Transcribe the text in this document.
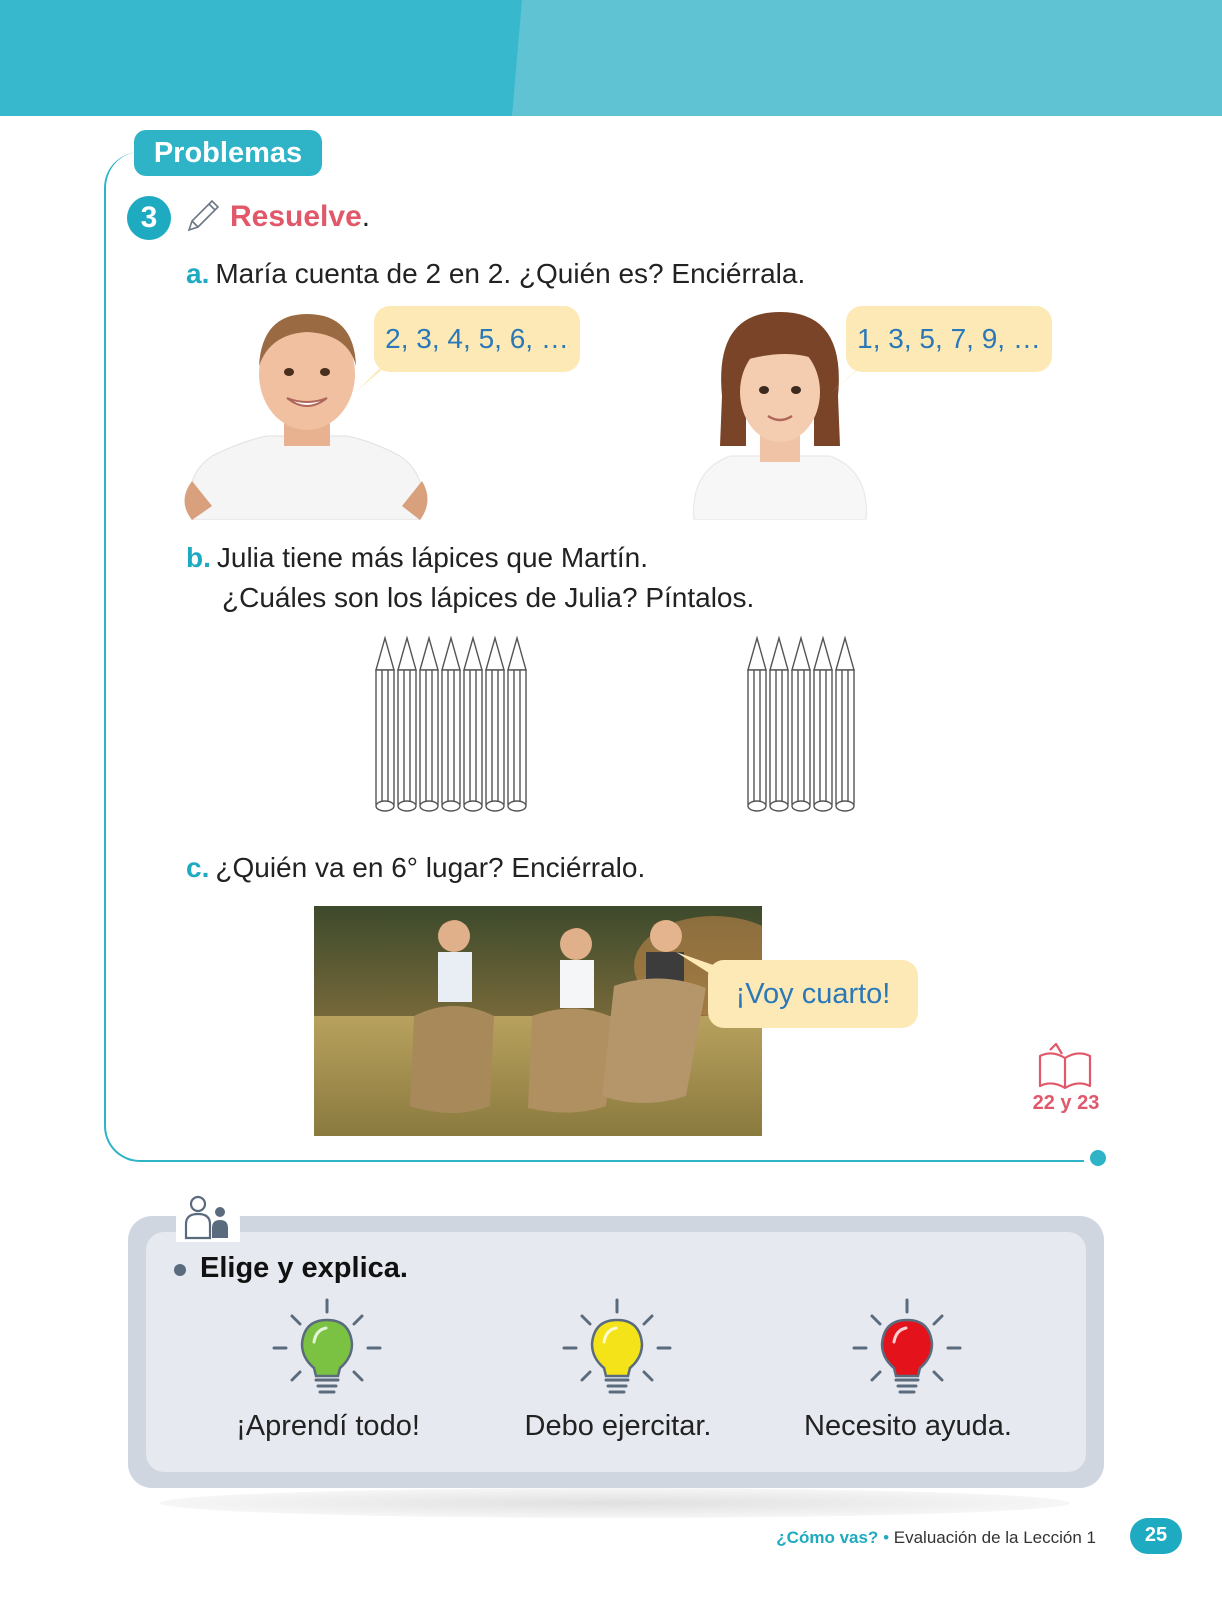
Problemas
3	Resuelve.
a. María cuenta de 2 en 2. ¿Quién es? Enciérrala.
2, 3, 4, 5, 6, …	1, 3, 5, 7, 9, …
b. Julia tiene más lápices que Martín.
¿Cuáles son los lápices de Julia? Píntalos.
c. ¿Quién va en 6° lugar? Enciérralo.
¡Voy cuarto!
22 y 23
Elige y explica.
¡Aprendí todo!	Debo ejercitar.	Necesito ayuda.
¿Cómo vas? • Evaluación de la Lección 1	25
